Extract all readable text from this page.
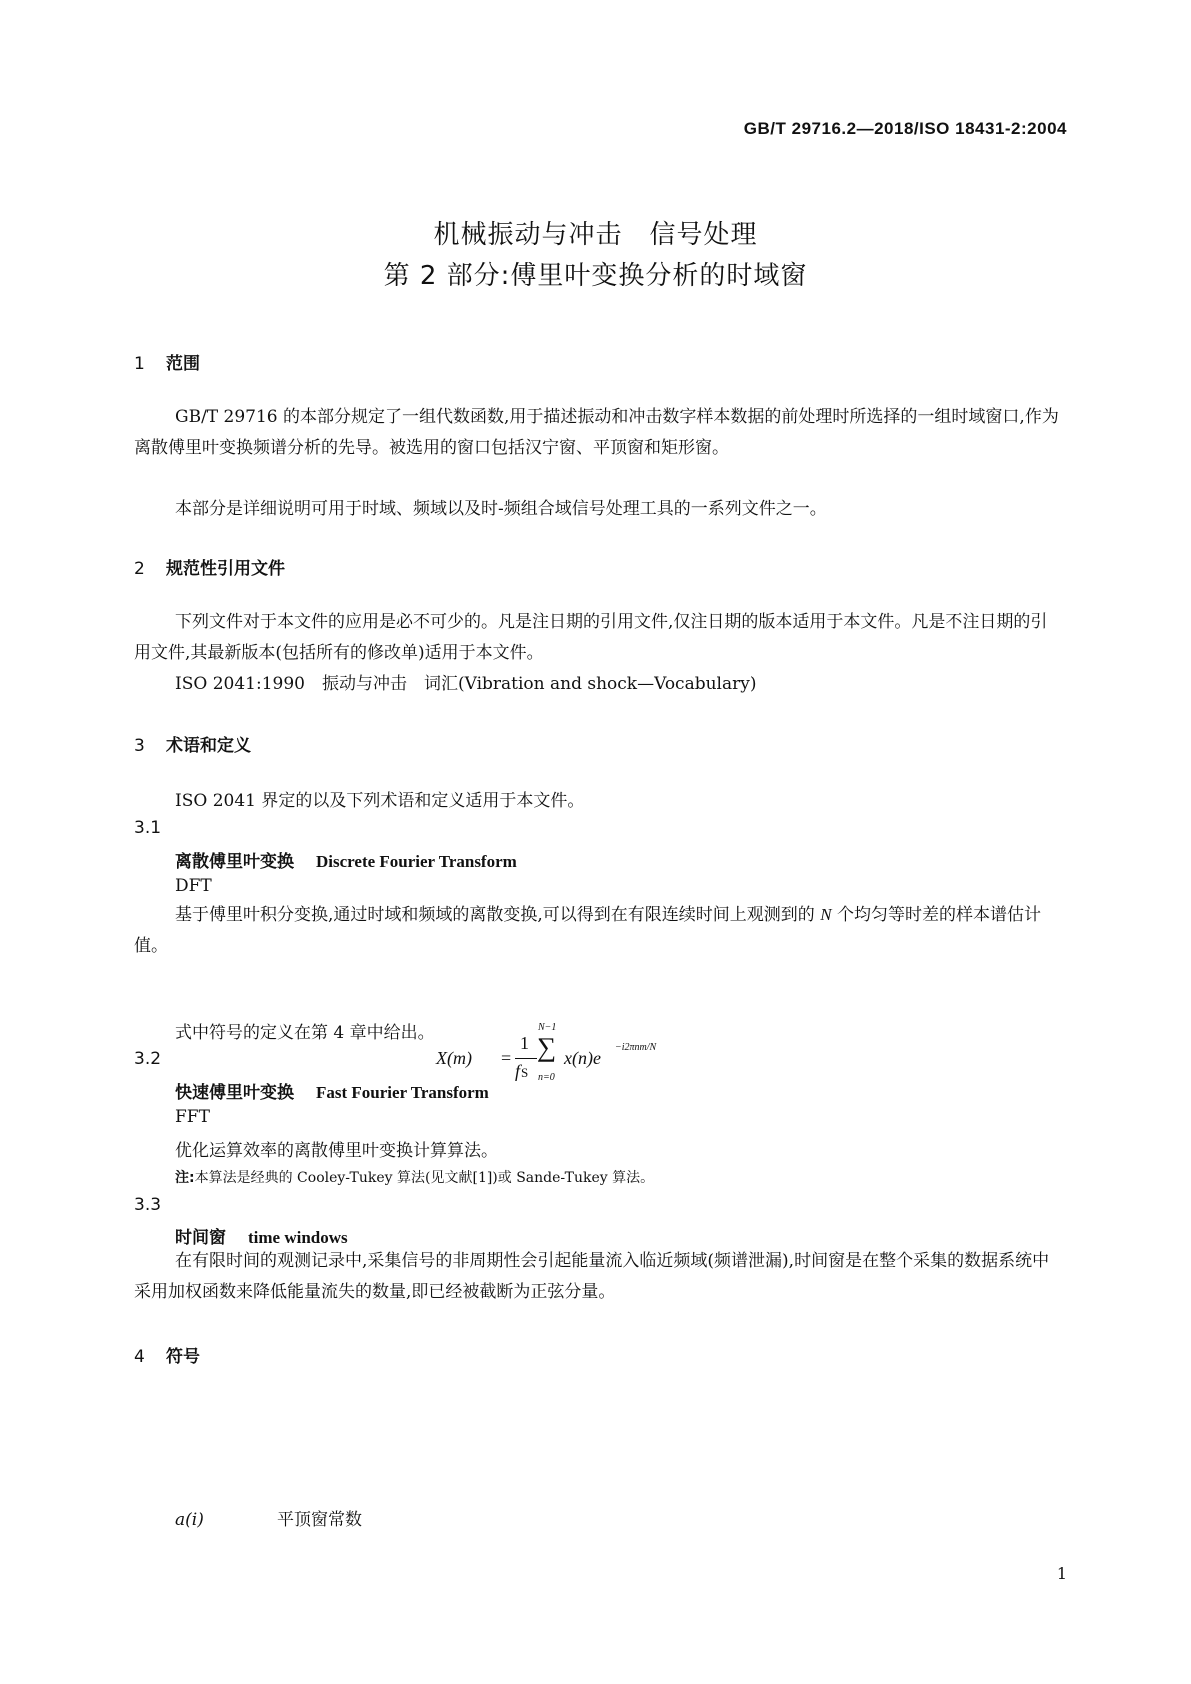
GB/T 29716.2—2018/ISO 18431-2:2004
机械振动与冲击　信号处理
第 2 部分:傅里叶变换分析的时域窗
1 范围
GB/T 29716 的本部分规定了一组代数函数,用于描述振动和冲击数字样本数据的前处理时所选择的一组时域窗口,作为离散傅里叶变换频谱分析的先导。被选用的窗口包括汉宁窗、平顶窗和矩形窗。
本部分是详细说明可用于时域、频域以及时-频组合域信号处理工具的一系列文件之一。
2 规范性引用文件
下列文件对于本文件的应用是必不可少的。凡是注日期的引用文件,仅注日期的版本适用于本文件。凡是不注日期的引用文件,其最新版本(包括所有的修改单)适用于本文件。
ISO 2041:1990　振动与冲击　词汇(Vibration and shock—Vocabulary)
3 术语和定义
ISO 2041 界定的以及下列术语和定义适用于本文件。
3.1
离散傅里叶变换 Discrete Fourier Transform
DFT
基于傅里叶积分变换,通过时域和频域的离散变换,可以得到在有限连续时间上观测到的 N 个均匀等时差的样本谱估计值。
X(m) =
1
fS
N−1
∑
n=0
x(n)e
−i2πnm/N
式中符号的定义在第 4 章中给出。
3.2
快速傅里叶变换 Fast Fourier Transform
FFT
优化运算效率的离散傅里叶变换计算算法。
注:本算法是经典的 Cooley-Tukey 算法(见文献[1])或 Sande-Tukey 算法。
3.3
时间窗 time windows
在有限时间的观测记录中,采集信号的非周期性会引起能量流入临近频域(频谱泄漏),时间窗是在整个采集的数据系统中采用加权函数来降低能量流失的数量,即已经被截断为正弦分量。
4 符号
a(i)	平顶窗常数
1
